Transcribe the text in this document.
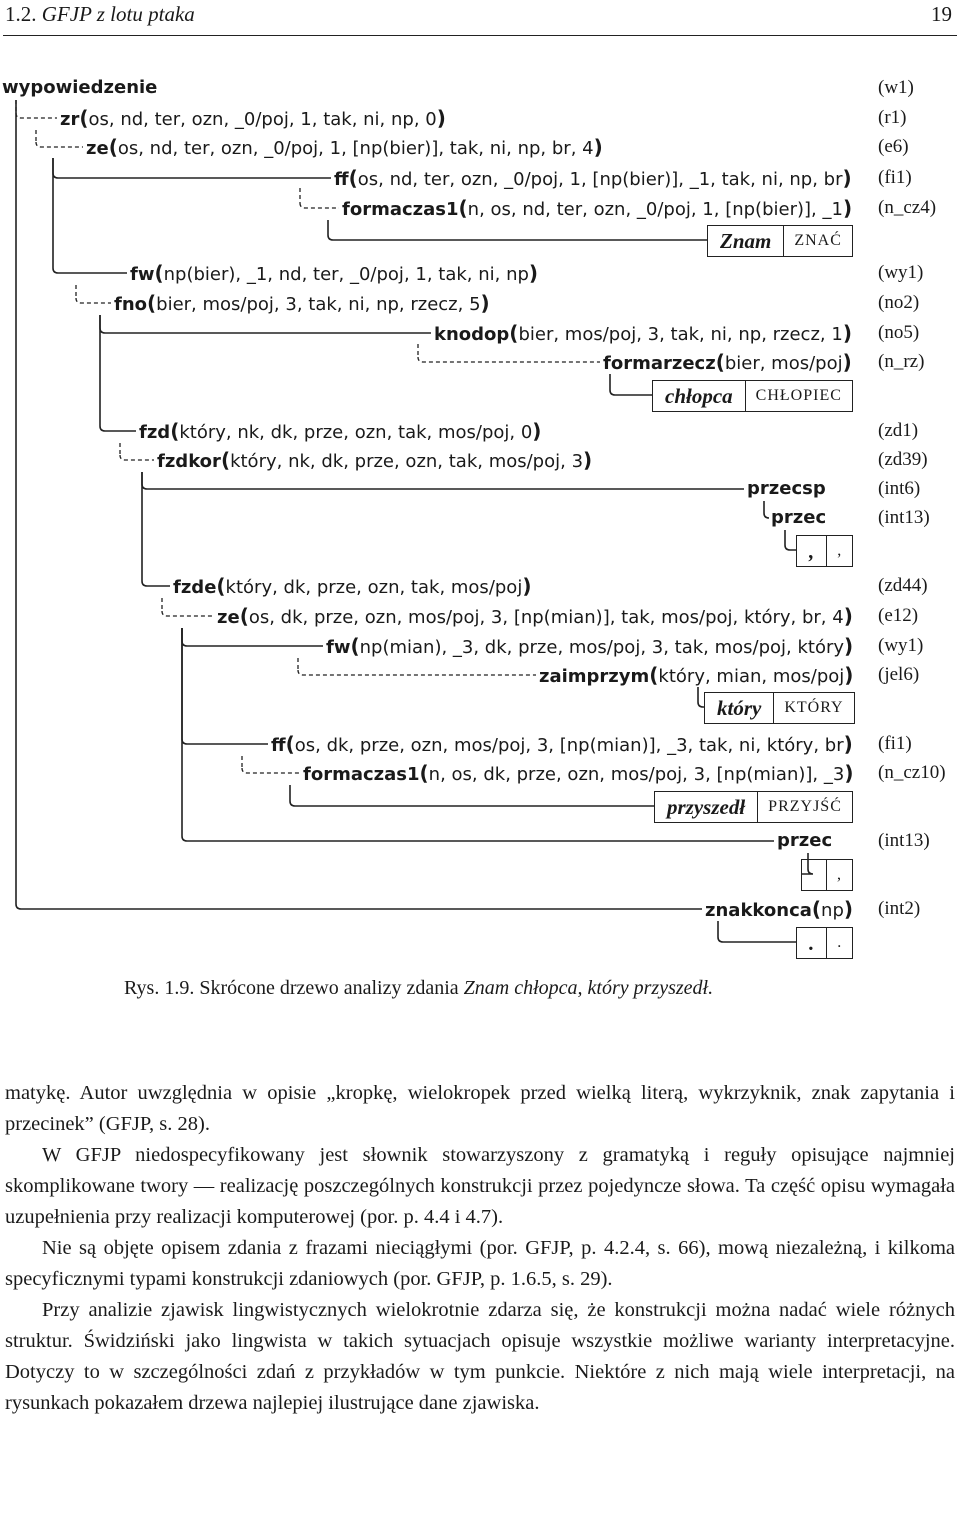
1.2. GFJP z lotu ptaka	19
wypowiedzenie	(w1)
zr(os, nd, ter, ozn, _0/poj, 1, tak, ni, np, 0)	(r1)
ze(os, nd, ter, ozn, _0/poj, 1, [np(bier)], tak, ni, np, br, 4)	(e6)
ff(os, nd, ter, ozn, _0/poj, 1, [np(bier)], _1, tak, ni, np, br) (fi1)
formaczas1(n, os, nd, ter, ozn, _0/poj, 1, [np(bier)], _1) (n_cz4)
fw(np(bier), _1, nd, ter, _0/poj, 1, tak, ni, np)	(wy1)
fno(bier, mos/poj, 3, tak, ni, np, rzecz, 5)	(no2)
knodop(bier, mos/poj, 3, tak, ni, np, rzecz, 1) (no5)
formarzecz(bier, mos/poj) (n_rz)
fzd(który, nk, dk, prze, ozn, tak, mos/poj, 0)	(zd1)
fzdkor(który, nk, dk, prze, ozn, tak, mos/poj, 3)	(zd39)
przecsp	(int6)
przec	(int13)
fzde(który, dk, prze, ozn, tak, mos/poj)	(zd44)
ze(os, dk, prze, ozn, mos/poj, 3, [np(mian)], tak, mos/poj, który, br, 4) (e12)
fw(np(mian), _3, dk, prze, mos/poj, 3, tak, mos/poj, który) (wy1)
zaimprzym(który, mian, mos/poj) (jel6)
ff(os, dk, prze, ozn, mos/poj, 3, [np(mian)], _3, tak, ni, który, br) (fi1)
formaczas1(n, os, dk, prze, ozn, mos/poj, 3, [np(mian)], _3) (n_cz10)
przec (int13)
znakkonca(np) (int2)
Znam	ZNAĆ
chłopca	CHŁOPIEC
,	,
który	KTÓRY
przyszedł	PRZYJŚĆ
,
.	.
Rys. 1.9. Skrócone drzewo analizy zdania Znam chłopca, który przyszedł.

matykę. Autor uwzględnia w opisie „kropkę, wielokropek przed wielką literą, wykrzyknik, znak zapytania i przecinek” (GFJP, s. 28).

W GFJP niedospecyfikowany jest słownik stowarzyszony z gramatyką i reguły opisujące najmniej skomplikowane twory — realizację poszczególnych konstrukcji przez pojedyncze słowa. Ta część opisu wymagała uzupełnienia przy realizacji komputerowej (por. p. 4.4 i 4.7).

Nie są objęte opisem zdania z frazami nieciągłymi (por. GFJP, p. 4.2.4, s. 66), mową niezależną, i kilkoma specyficznymi typami konstrukcji zdaniowych (por. GFJP, p. 1.6.5, s. 29).

Przy analizie zjawisk lingwistycznych wielokrotnie zdarza się, że konstrukcji można nadać wiele różnych struktur. Świdziński jako lingwista w takich sytuacjach opisuje wszystkie możliwe warianty interpretacyjne. Dotyczy to w szczególności zdań z przykładów w tym punkcie. Niektóre z nich mają wiele interpretacji, na rysunkach pokazałem drzewa najlepiej ilustrujące dane zjawiska.
